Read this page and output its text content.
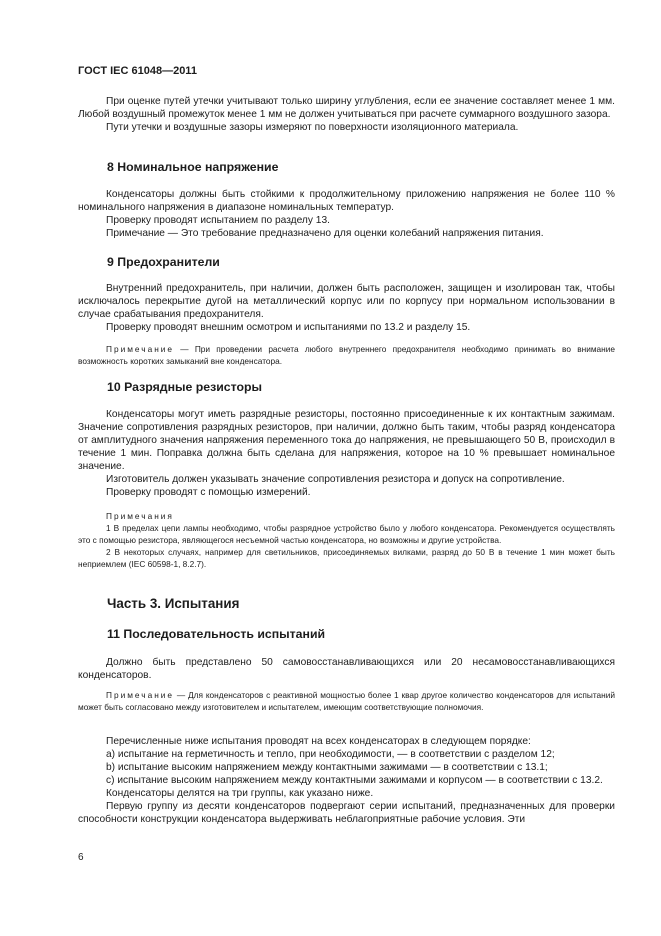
ГОСТ IEC 61048—2011

При оценке путей утечки учитывают только ширину углубления, если ее значение составляет менее 1 мм. Любой воздушный промежуток менее 1 мм не должен учитываться при расчете суммарного воздушного зазора.

Пути утечки и воздушные зазоры измеряют по поверхности изоляционного материала.

8 Номинальное напряжение

Конденсаторы должны быть стойкими к продолжительному приложению напряжения не более 110 % номинального напряжения в диапазоне номинальных температур.

Проверку проводят испытанием по разделу 13.

Примечание — Это требование предназначено для оценки колебаний напряжения питания.

9 Предохранители

Внутренний предохранитель, при наличии, должен быть расположен, защищен и изолирован так, чтобы исключалось перекрытие дугой на металлический корпус или по корпусу при нормальном использовании в случае срабатывания предохранителя.

Проверку проводят внешним осмотром и испытаниями по 13.2 и разделу 15.

Примечание — При проведении расчета любого внутреннего предохранителя необходимо принимать во внимание возможность коротких замыканий вне конденсатора.

10 Разрядные резисторы

Конденсаторы могут иметь разрядные резисторы, постоянно присоединенные к их контактным зажимам. Значение сопротивления разрядных резисторов, при наличии, должно быть таким, чтобы разряд конденсатора от амплитудного значения напряжения переменного тока до напряжения, не превышающего 50 В, происходил в течение 1 мин. Поправка должна быть сделана для напряжения, которое на 10 % превышает номинальное значение.

Изготовитель должен указывать значение сопротивления резистора и допуск на сопротивление.

Проверку проводят с помощью измерений.

Примечания

1 В пределах цепи лампы необходимо, чтобы разрядное устройство было у любого конденсатора. Рекомендуется осуществлять это с помощью резистора, являющегося несъемной частью конденсатора, но возможны и другие устройства.

2 В некоторых случаях, например для светильников, присоединяемых вилками, разряд до 50 В в течение 1 мин может быть неприемлем (IEC 60598-1, 8.2.7).

Часть 3. Испытания
11 Последовательность испытаний

Должно быть представлено 50 самовосстанавливающихся или 20 несамовосстанавливающихся конденсаторов.

Примечание — Для конденсаторов с реактивной мощностью более 1 квар другое количество конденсаторов для испытаний может быть согласовано между изготовителем и испытателем, имеющим соответствующие полномочия.

Перечисленные ниже испытания проводят на всех конденсаторах в следующем порядке:

a) испытание на герметичность и тепло, при необходимости, — в соответствии с разделом 12;

b) испытание высоким напряжением между контактными зажимами — в соответствии с 13.1;

c) испытание высоким напряжением между контактными зажимами и корпусом — в соответствии с 13.2.

Конденсаторы делятся на три группы, как указано ниже.

Первую группу из десяти конденсаторов подвергают серии испытаний, предназначенных для проверки способности конструкции конденсатора выдерживать неблагоприятные рабочие условия. Эти

6
